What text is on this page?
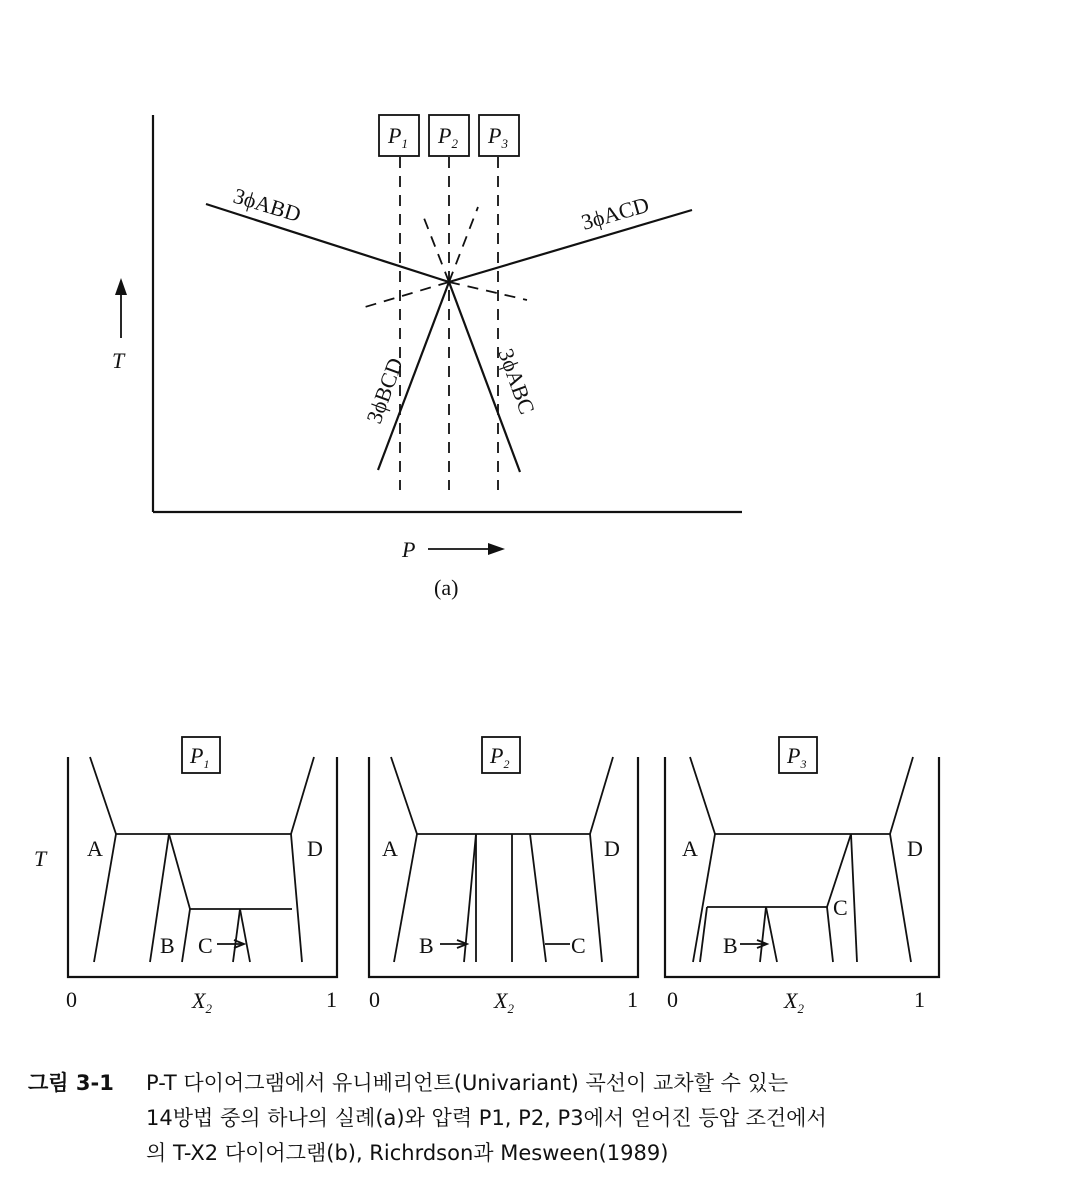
T
P
$P_1$ $P_2$ $P_3$
3ϕABD	3ϕACD
3ϕBCD	3ϕABC
(a)
T
$P_1$
A	D
B C
0	1
$X_2$
$P_2$
A	D
B	C
0	1
$X_2$
$P_3$
A	D
C
B
0	1
$X_2$
그림 3-1 P-T 다이어그램에서 유니베리언트(Univariant) 곡선이 교차할 수 있는
14방법 중의 하나의 실례(a)와 압력 P1, P2, P3에서 얻어진 등압 조건에서
의 T-X2 다이어그램(b), Richrdson과 Mesween(1989)
